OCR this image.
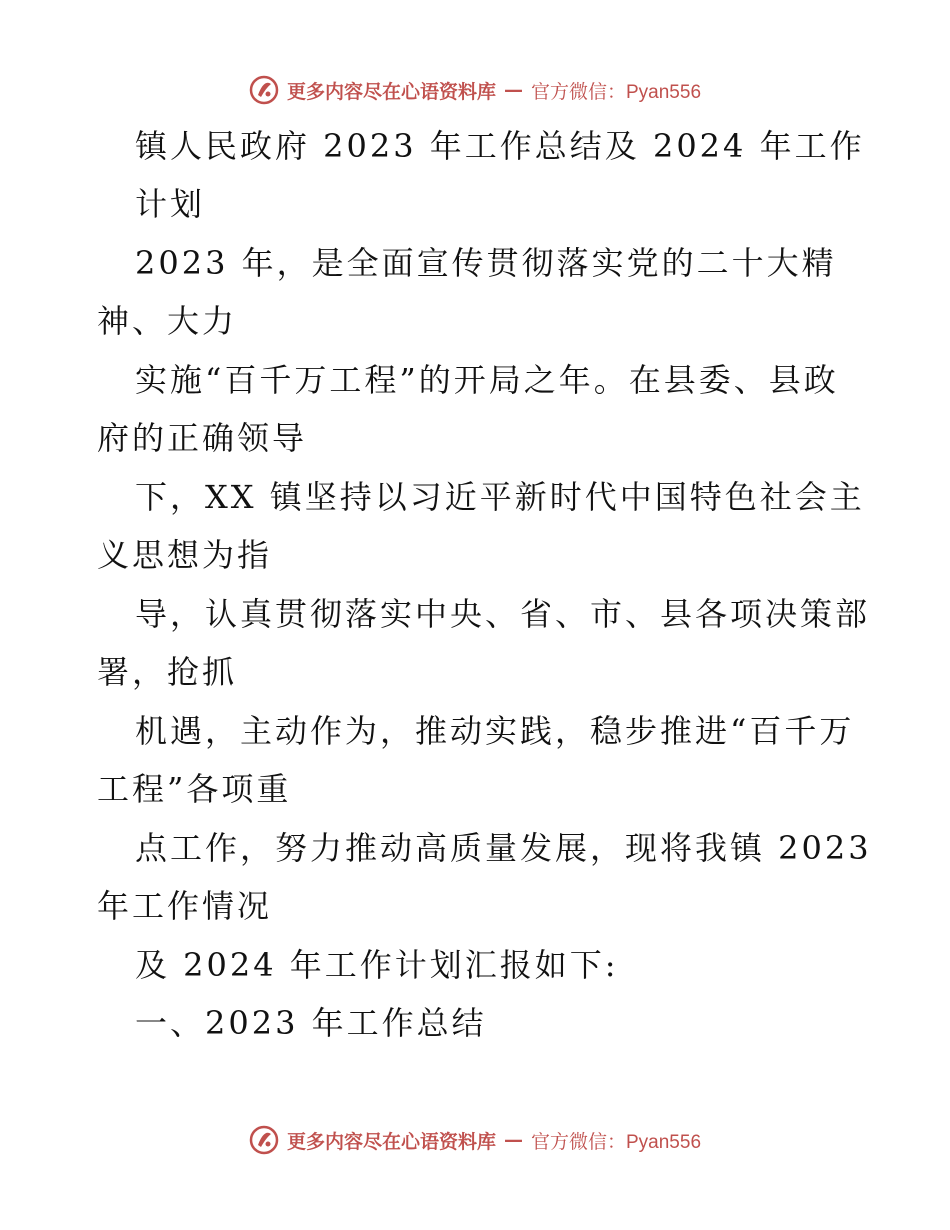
更多内容尽在心语资料库 — 官方微信：Pyan556
镇人民政府 2023 年工作总结及 2024 年工作
计划
2023 年，是全面宣传贯彻落实党的二十大精
神、大力
实施“百千万工程”的开局之年。在县委、县政
府的正确领导
下，XX 镇坚持以习近平新时代中国特色社会主
义思想为指
导，认真贯彻落实中央、省、市、县各项决策部
署，抢抓
机遇，主动作为，推动实践，稳步推进“百千万
工程”各项重
点工作，努力推动高质量发展，现将我镇 2023
年工作情况
及 2024 年工作计划汇报如下:
一、2023 年工作总结
更多内容尽在心语资料库 — 官方微信：Pyan556
